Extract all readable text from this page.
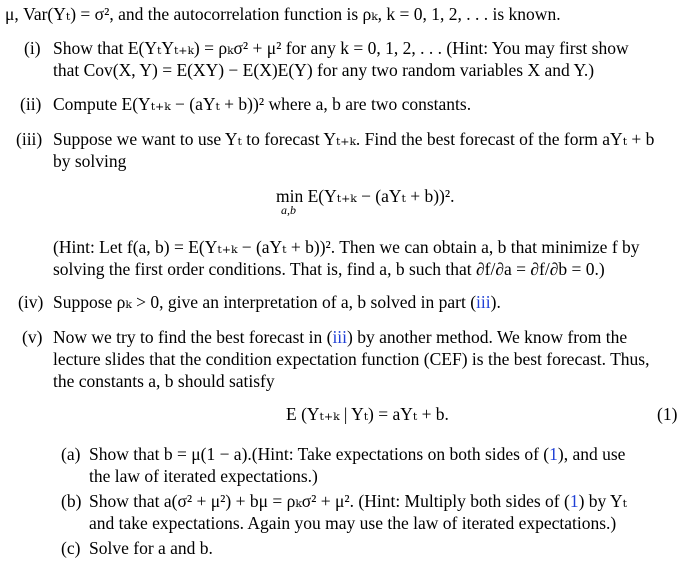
μ, Var(Yₜ) = σ², and the autocorrelation function is ρₖ, k = 0, 1, 2, . . . is known.
(i) Show that E(YₜYₜ₊ₖ) = ρₖσ² + μ² for any k = 0, 1, 2, . . . (Hint: You may first show
that Cov(X, Y) = E(XY) − E(X)E(Y) for any two random variables X and Y.)
(ii) Compute E(Yₜ₊ₖ − (aYₜ + b))² where a, b are two constants.
(iii) Suppose we want to use Yₜ to forecast Yₜ₊ₖ. Find the best forecast of the form aYₜ + b
by solving
min E(Yₜ₊ₖ − (aYₜ + b))².
a,b
(Hint: Let f(a, b) = E(Yₜ₊ₖ − (aYₜ + b))². Then we can obtain a, b that minimize f by
solving the first order conditions. That is, find a, b such that ∂f/∂a = ∂f/∂b = 0.)
(iv) Suppose ρₖ > 0, give an interpretation of a, b solved in part (iii).
(v) Now we try to find the best forecast in (iii) by another method. We know from the
lecture slides that the condition expectation function (CEF) is the best forecast. Thus,
the constants a, b should satisfy
E (Yₜ₊ₖ | Yₜ) = aYₜ + b.	(1)
(a) Show that b = μ(1 − a).(Hint: Take expectations on both sides of (1), and use
the law of iterated expectations.)
(b) Show that a(σ² + μ²) + bμ = ρₖσ² + μ². (Hint: Multiply both sides of (1) by Yₜ
and take expectations. Again you may use the law of iterated expectations.)
(c) Solve for a and b.
